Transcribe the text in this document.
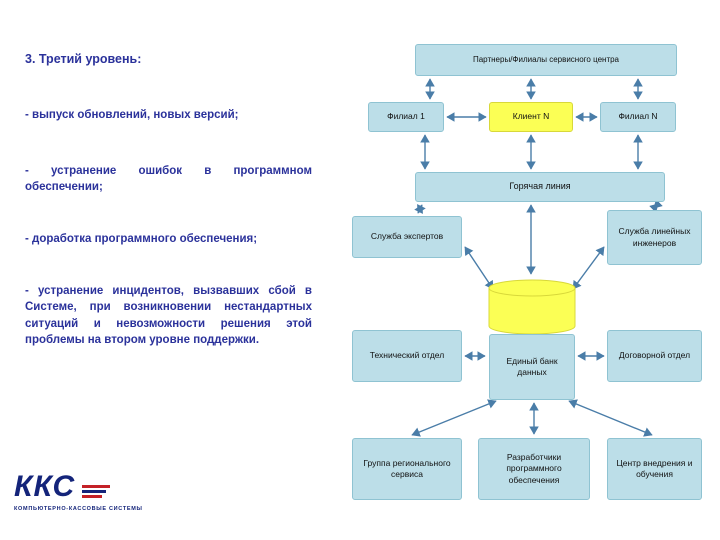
3. Третий уровень:
- выпуск обновлений, новых версий;
- устранение ошибок в программном обеспечении;
- доработка программного обеспечения;
- устранение инцидентов, вызвавших сбой в Системе, при возникновении нестандартных ситуаций и невозможности решения этой проблемы на втором уровне поддержки.
ККС
КОМПЬЮТЕРНО-КАССОВЫЕ СИСТЕМЫ
Партнеры/Филиалы сервисного центра
Филиал 1	Клиент N	Филиал N
Горячая линия
Служба экспертов
Служба линейных инженеров
Единый банк данных
Технический отдел	Договорной отдел
Группа регионального сервиса
Разработчики программного обеспечения
Центр внедрения и обучения
